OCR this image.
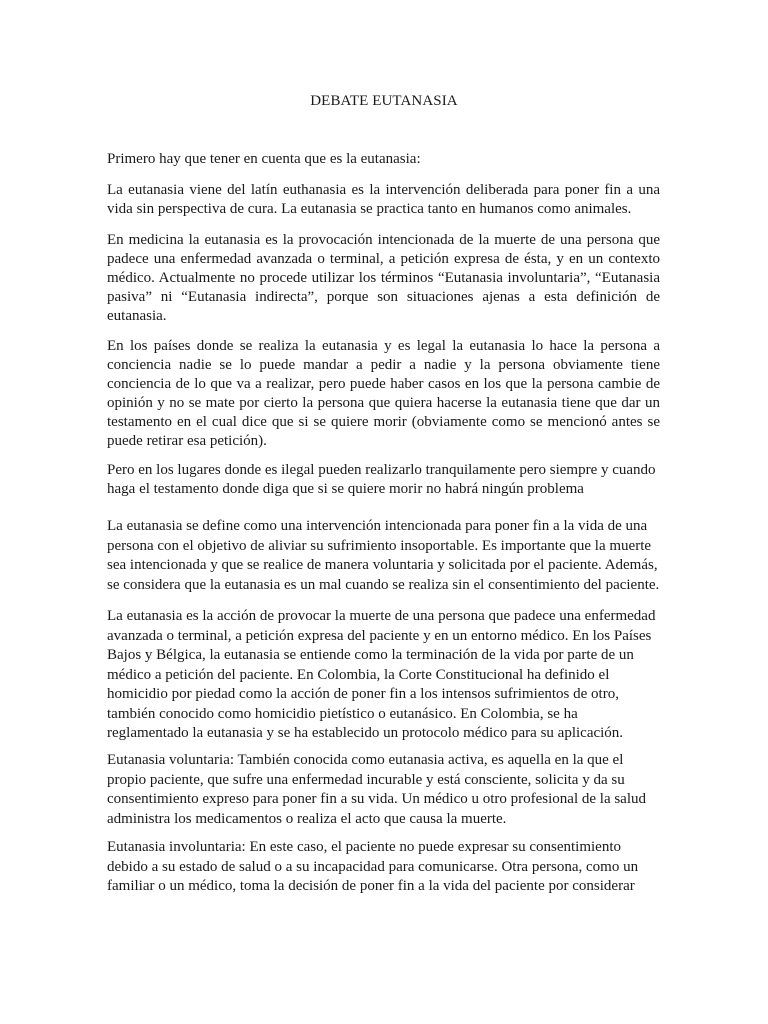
DEBATE EUTANASIA

Primero hay que tener en cuenta que es la eutanasia:

La eutanasia viene del latín euthanasia es la intervención deliberada para poner fin a una vida sin perspectiva de cura. La eutanasia se practica tanto en humanos como animales.

En medicina la eutanasia es la provocación intencionada de la muerte de una persona que padece una enfermedad avanzada o terminal, a petición expresa de ésta, y en un contexto médico. Actualmente no procede utilizar los términos “Eutanasia involuntaria”, “Eutanasia pasiva” ni “Eutanasia indirecta”, porque son situaciones ajenas a esta definición de eutanasia.

En los países donde se realiza la eutanasia y es legal la eutanasia lo hace la persona a conciencia nadie se lo puede mandar a pedir a nadie y la persona obviamente tiene conciencia de lo que va a realizar, pero puede haber casos en los que la persona cambie de opinión y no se mate por cierto la persona que quiera hacerse la eutanasia tiene que dar un testamento en el cual dice que si se quiere morir (obviamente como se mencionó antes se puede retirar esa petición).

Pero en los lugares donde es ilegal pueden realizarlo tranquilamente pero siempre y cuando haga el testamento donde diga que si se quiere morir no habrá ningún problema

La eutanasia se define como una intervención intencionada para poner fin a la vida de una persona con el objetivo de aliviar su sufrimiento insoportable. Es importante que la muerte sea intencionada y que se realice de manera voluntaria y solicitada por el paciente. Además, se considera que la eutanasia es un mal cuando se realiza sin el consentimiento del paciente.

La eutanasia es la acción de provocar la muerte de una persona que padece una enfermedad avanzada o terminal, a petición expresa del paciente y en un entorno médico. En los Países Bajos y Bélgica, la eutanasia se entiende como la terminación de la vida por parte de un médico a petición del paciente. En Colombia, la Corte Constitucional ha definido el homicidio por piedad como la acción de poner fin a los intensos sufrimientos de otro, también conocido como homicidio pietístico o eutanásico. En Colombia, se ha reglamentado la eutanasia y se ha establecido un protocolo médico para su aplicación.

Eutanasia voluntaria: También conocida como eutanasia activa, es aquella en la que el propio paciente, que sufre una enfermedad incurable y está consciente, solicita y da su consentimiento expreso para poner fin a su vida. Un médico u otro profesional de la salud administra los medicamentos o realiza el acto que causa la muerte.

Eutanasia involuntaria: En este caso, el paciente no puede expresar su consentimiento debido a su estado de salud o a su incapacidad para comunicarse. Otra persona, como un familiar o un médico, toma la decisión de poner fin a la vida del paciente por considerar
